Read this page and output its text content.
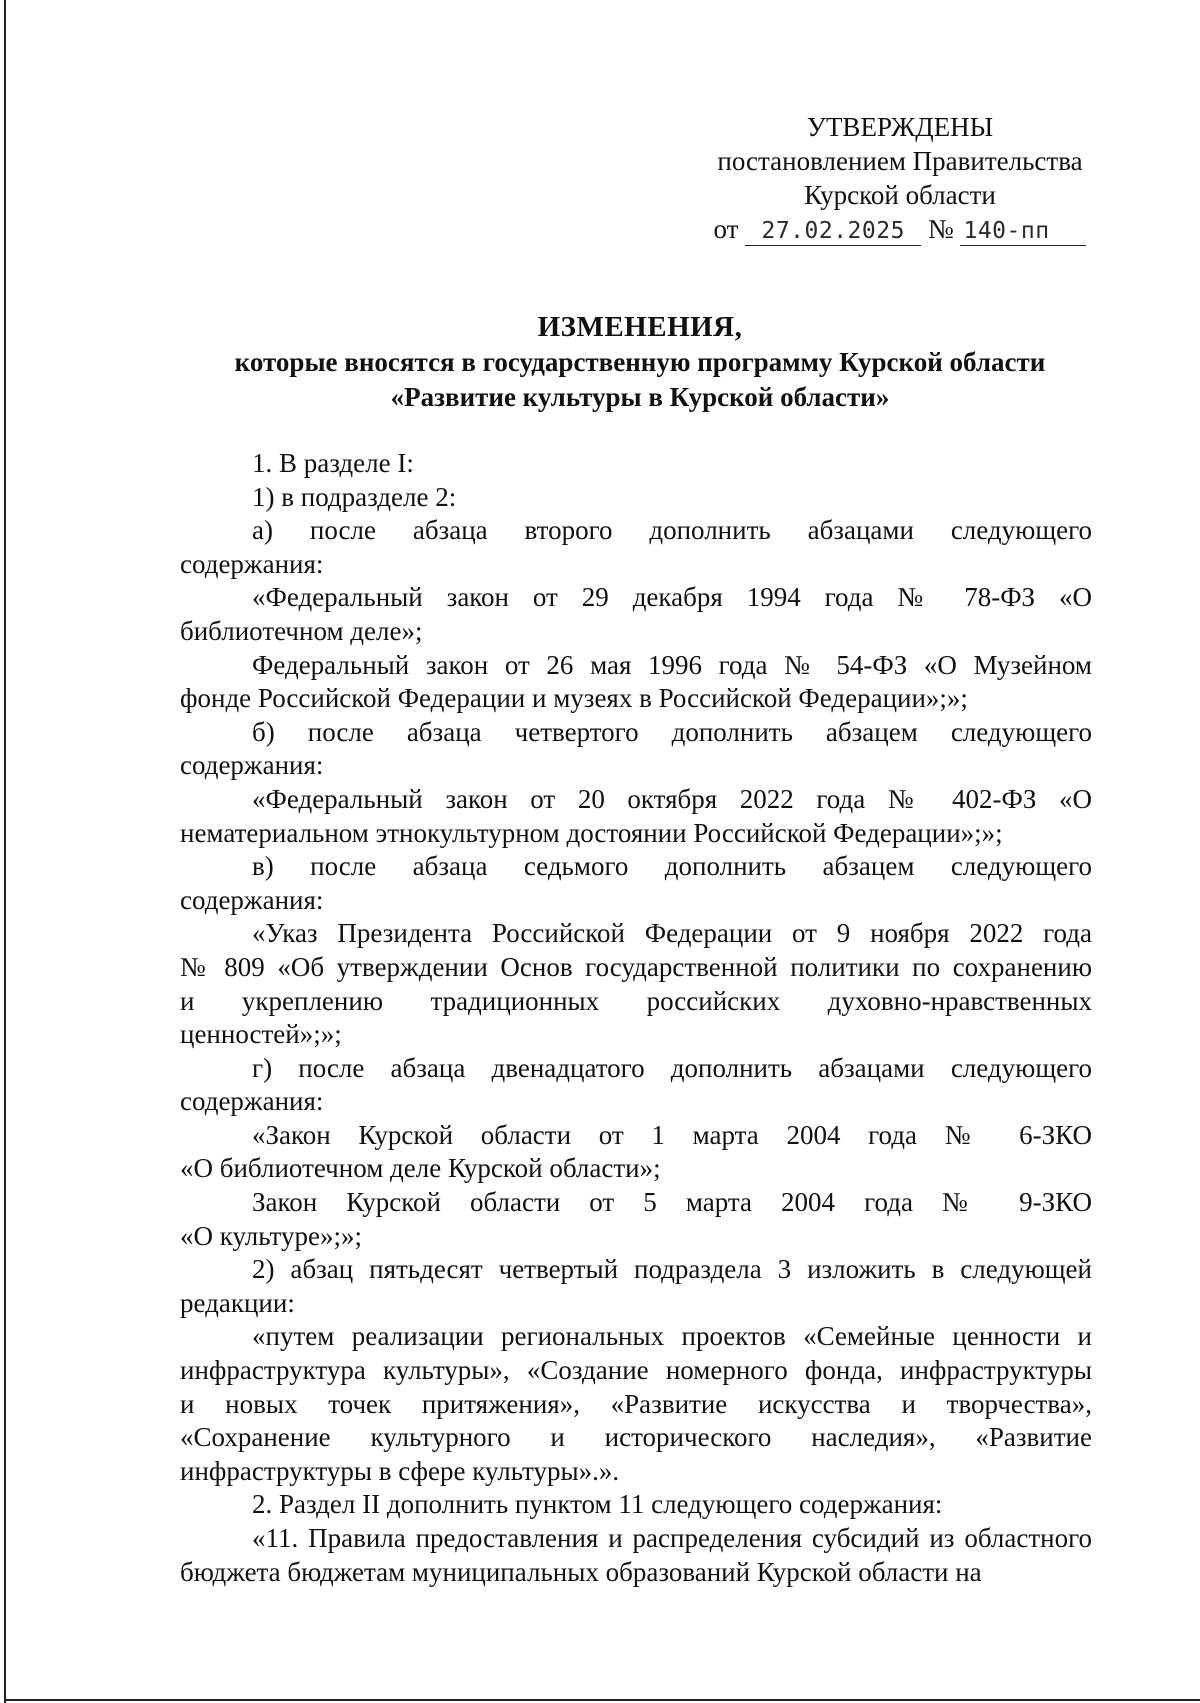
УТВЕРЖДЕНЫ
постановлением Правительства
Курской области
от 27.02.2025 № 140-пп
ИЗМЕНЕНИЯ,
которые вносятся в государственную программу Курской области
«Развитие культуры в Курской области»
1. В разделе I:
1) в подразделе 2:
а) после абзаца второго дополнить абзацами следующего
содержания:
«Федеральный закон от 29 декабря 1994 года № 78-ФЗ «О
библиотечном деле»;
Федеральный закон от 26 мая 1996 года № 54-ФЗ «О Музейном
фонде Российской Федерации и музеях в Российской Федерации»;»;
б) после абзаца четвертого дополнить абзацем следующего
содержания:
«Федеральный закон от 20 октября 2022 года № 402-ФЗ «О
нематериальном этнокультурном достоянии Российской Федерации»;»;
в) после абзаца седьмого дополнить абзацем следующего
содержания:
«Указ Президента Российской Федерации от 9 ноября 2022 года
№ 809 «Об утверждении Основ государственной политики по сохранению
и укреплению традиционных российских духовно-нравственных
ценностей»;»;
г) после абзаца двенадцатого дополнить абзацами следующего
содержания:
«Закон Курской области от 1 марта 2004 года № 6-ЗКО
«О библиотечном деле Курской области»;
Закон Курской области от 5 марта 2004 года № 9-ЗКО
«О культуре»;»;
2) абзац пятьдесят четвертый подраздела 3 изложить в следующей
редакции:
«путем реализации региональных проектов «Семейные ценности и
инфраструктура культуры», «Создание номерного фонда, инфраструктуры
и новых точек притяжения», «Развитие искусства и творчества»,
«Сохранение культурного и исторического наследия», «Развитие
инфраструктуры в сфере культуры».».
2. Раздел II дополнить пунктом 11 следующего содержания:
«11. Правила предоставления и распределения субсидий из областного
бюджета бюджетам муниципальных образований Курской области на
